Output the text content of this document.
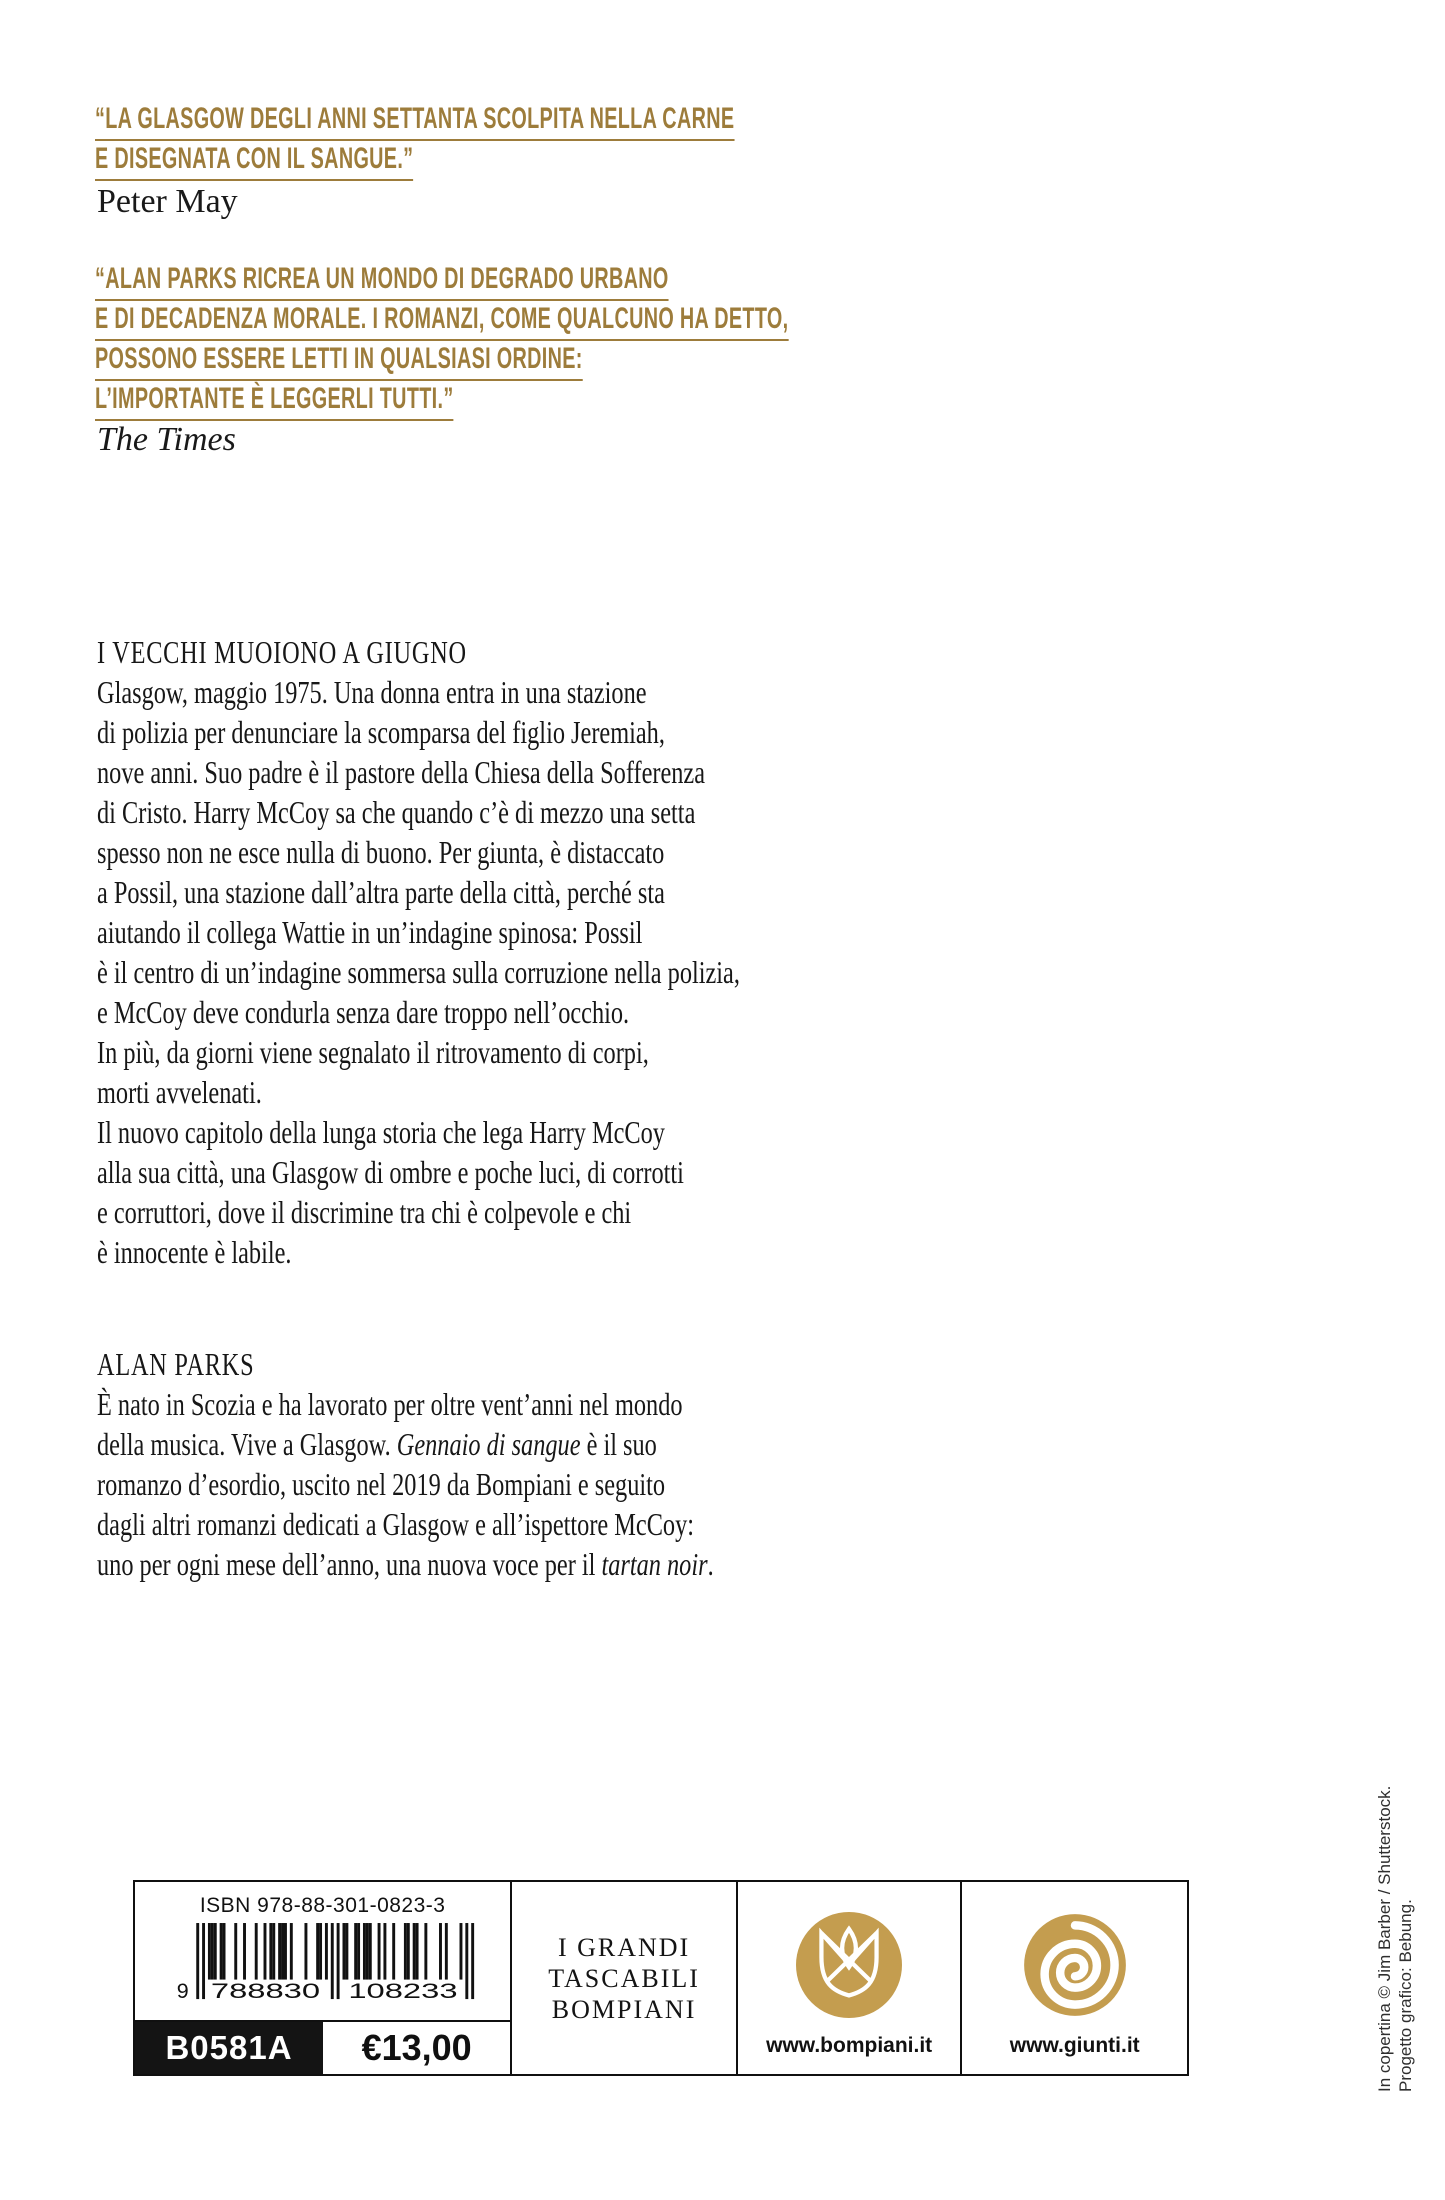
“LA GLASGOW DEGLI ANNI SETTANTA SCOLPITA NELLA CARNE
E DISEGNATA CON IL SANGUE.”
Peter May
“ALAN PARKS RICREA UN MONDO DI DEGRADO URBANO
E DI DECADENZA MORALE. I ROMANZI, COME QUALCUNO HA DETTO,
POSSONO ESSERE LETTI IN QUALSIASI ORDINE:
L’IMPORTANTE È LEGGERLI TUTTI.”
The Times
I VECCHI MUOIONO A GIUGNO
Glasgow, maggio 1975. Una donna entra in una stazione
di polizia per denunciare la scomparsa del figlio Jeremiah,
nove anni. Suo padre è il pastore della Chiesa della Sofferenza
di Cristo. Harry McCoy sa che quando c’è di mezzo una setta
spesso non ne esce nulla di buono. Per giunta, è distaccato
a Possil, una stazione dall’altra parte della città, perché sta
aiutando il collega Wattie in un’indagine spinosa: Possil
è il centro di un’indagine sommersa sulla corruzione nella polizia,
e McCoy deve condurla senza dare troppo nell’occhio.
In più, da giorni viene segnalato il ritrovamento di corpi,
morti avvelenati.
Il nuovo capitolo della lunga storia che lega Harry McCoy
alla sua città, una Glasgow di ombre e poche luci, di corrotti
e corruttori, dove il discrimine tra chi è colpevole e chi
è innocente è labile.
ALAN PARKS
È nato in Scozia e ha lavorato per oltre vent’anni nel mondo
della musica. Vive a Glasgow. Gennaio di sangue è il suo
romanzo d’esordio, uscito nel 2019 da Bompiani e seguito
dagli altri romanzi dedicati a Glasgow e all’ispettore McCoy:
uno per ogni mese dell’anno, una nuova voce per il tartan noir.
ISBN 978-88-301-0823-3
9 788830 108233
B0581A	€13,00
I GRANDI
TASCABILI
BOMPIANI
www.bompiani.it	www.giunti.it	In copertina © Jim Barber / Shutterstock. Progetto grafico: Bebung.
